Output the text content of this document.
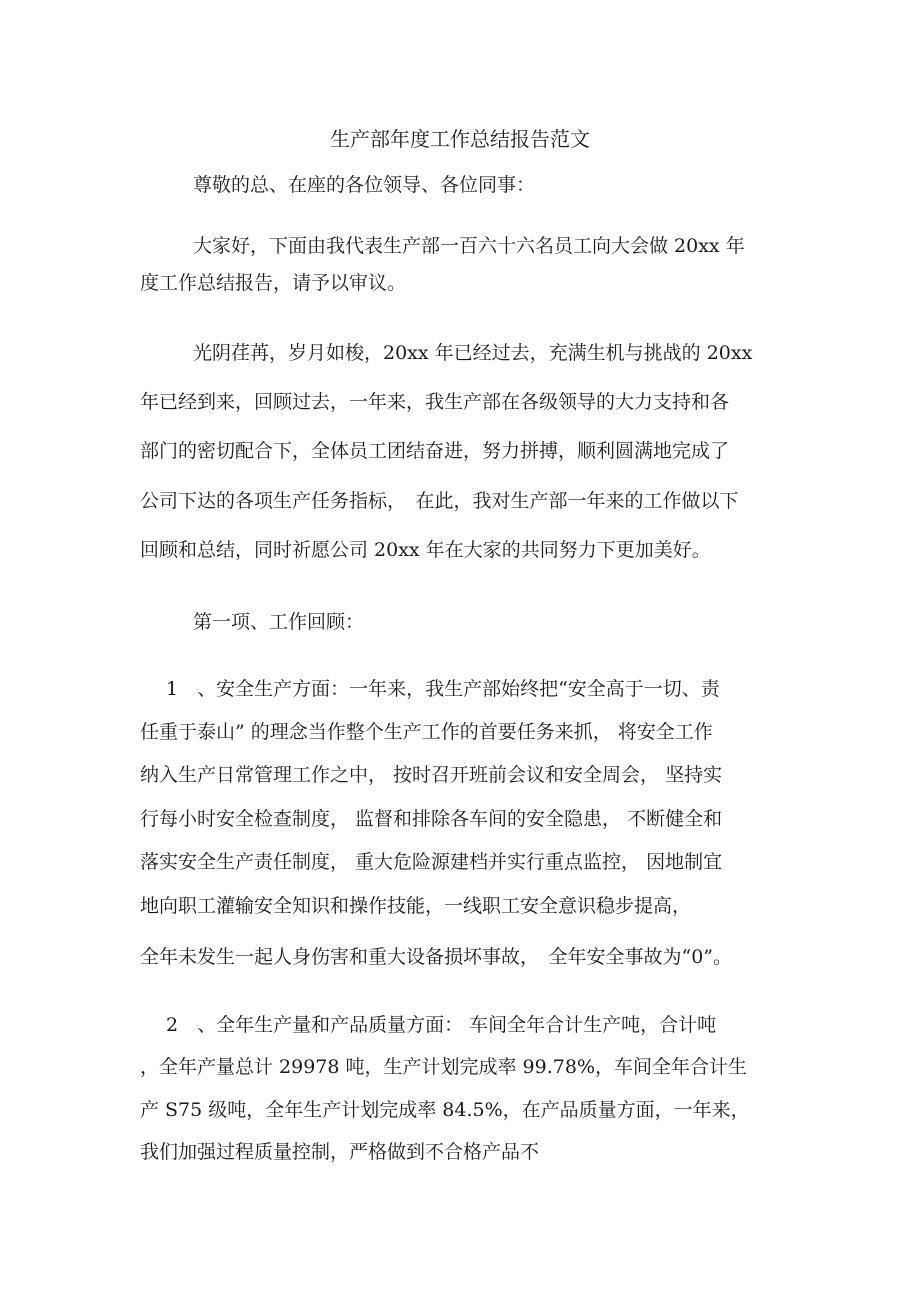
生产部年度工作总结报告范文
尊敬的总、在座的各位领导、各位同事：
大家好，下面由我代表生产部一百六十六名员工向大会做 20xx 年
度工作总结报告，请予以审议。
光阴荏苒，岁月如梭，20xx 年已经过去，充满生机与挑战的 20xx
年已经到来，回顾过去，一年来，我生产部在各级领导的大力支持和各
部门的密切配合下，全体员工团结奋进，努力拼搏，顺利圆满地完成了
公司下达的各项生产任务指标，　在此，我对生产部一年来的工作做以下
回顾和总结，同时祈愿公司 20xx 年在大家的共同努力下更加美好。
第一项、工作回顾：
1　、安全生产方面：一年来，我生产部始终把“安全高于一切、责
任重于泰山” 的理念当作整个生产工作的首要任务来抓， 将安全工作
纳入生产日常管理工作之中， 按时召开班前会议和安全周会， 坚持实
行每小时安全检查制度， 监督和排除各车间的安全隐患， 不断健全和
落实安全生产责任制度， 重大危险源建档并实行重点监控， 因地制宜
地向职工灌输安全知识和操作技能，一线职工安全意识稳步提高，
全年未发生一起人身伤害和重大设备损坏事故，　全年安全事故为“0”。
2　、全年生产量和产品质量方面： 车间全年合计生产吨，合计吨
，全年产量总计 29978 吨，生产计划完成率 99.78%，车间全年合计生
产 S75 级吨，全年生产计划完成率 84.5%，在产品质量方面，一年来，
我们加强过程质量控制，严格做到不合格产品不
